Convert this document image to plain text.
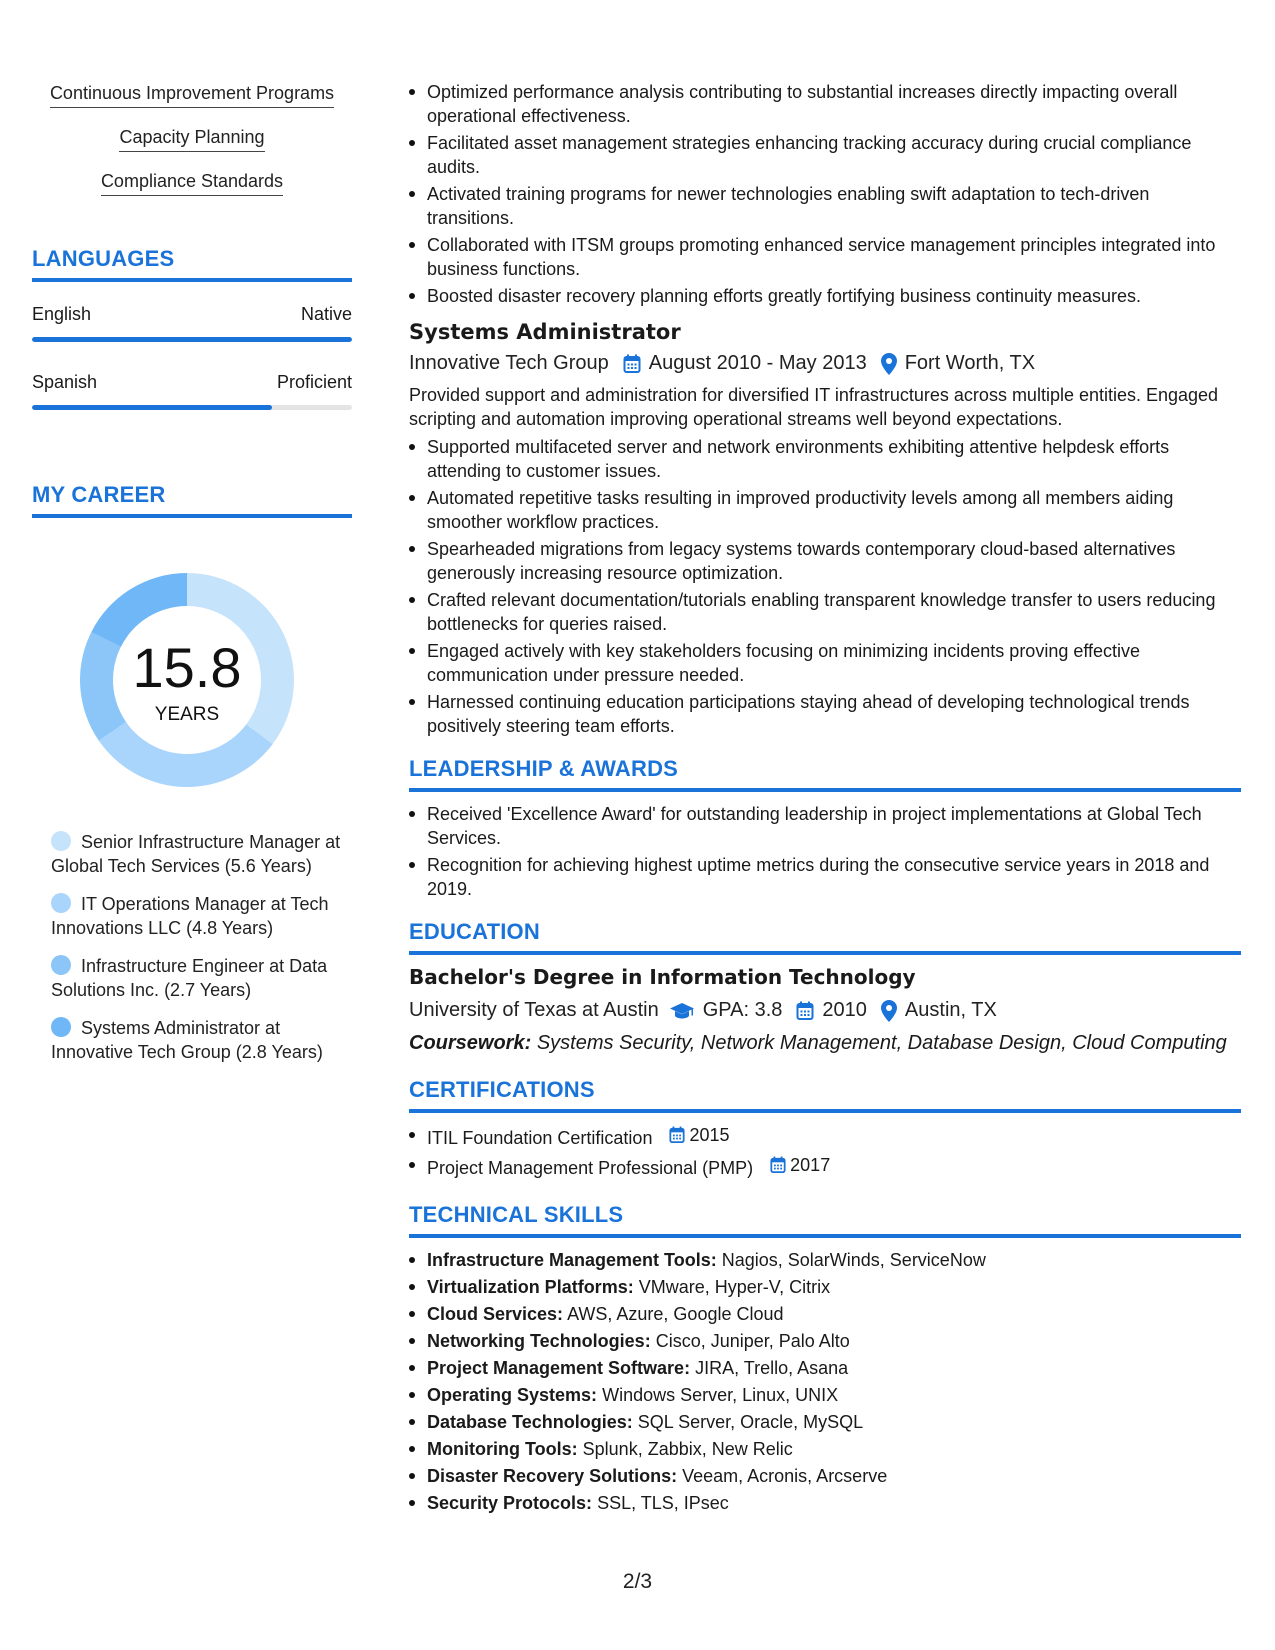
Continuous Improvement Programs
Capacity Planning
Compliance Standards
LANGUAGES
English	Native
Spanish	Proficient
MY CAREER
15.8
YEARS
Senior Infrastructure Manager at Global Tech Services (5.6 Years)
IT Operations Manager at Tech Innovations LLC (4.8 Years)
Infrastructure Engineer at Data Solutions Inc. (2.7 Years)
Systems Administrator at Innovative Tech Group (2.8 Years)
Optimized performance analysis contributing to substantial increases directly impacting overall operational effectiveness.
Facilitated asset management strategies enhancing tracking accuracy during crucial compliance audits.
Activated training programs for newer technologies enabling swift adaptation to tech-driven transitions.
Collaborated with ITSM groups promoting enhanced service management principles integrated into business functions.
Boosted disaster recovery planning efforts greatly fortifying business continuity measures.
Systems Administrator
Innovative Tech Group August 2010 - May 2013 Fort Worth, TX
Provided support and administration for diversified IT infrastructures across multiple entities. Engaged scripting and automation improving operational streams well beyond expectations.
Supported multifaceted server and network environments exhibiting attentive helpdesk efforts attending to customer issues.
Automated repetitive tasks resulting in improved productivity levels among all members aiding smoother workflow practices.
Spearheaded migrations from legacy systems towards contemporary cloud-based alternatives generously increasing resource optimization.
Crafted relevant documentation/tutorials enabling transparent knowledge transfer to users reducing bottlenecks for queries raised.
Engaged actively with key stakeholders focusing on minimizing incidents proving effective communication under pressure needed.
Harnessed continuing education participations staying ahead of developing technological trends positively steering team efforts.
LEADERSHIP & AWARDS
Received 'Excellence Award' for outstanding leadership in project implementations at Global Tech Services.
Recognition for achieving highest uptime metrics during the consecutive service years in 2018 and 2019.
EDUCATION
Bachelor's Degree in Information Technology
University of Texas at Austin GPA: 3.8 2010 Austin, TX
Coursework: Systems Security, Network Management, Database Design, Cloud Computing
CERTIFICATIONS
ITIL Foundation Certification 2015
Project Management Professional (PMP) 2017
TECHNICAL SKILLS
Infrastructure Management Tools: Nagios, SolarWinds, ServiceNow
Virtualization Platforms: VMware, Hyper-V, Citrix
Cloud Services: AWS, Azure, Google Cloud
Networking Technologies: Cisco, Juniper, Palo Alto
Project Management Software: JIRA, Trello, Asana
Operating Systems: Windows Server, Linux, UNIX
Database Technologies: SQL Server, Oracle, MySQL
Monitoring Tools: Splunk, Zabbix, New Relic
Disaster Recovery Solutions: Veeam, Acronis, Arcserve
Security Protocols: SSL, TLS, IPsec
2/3
